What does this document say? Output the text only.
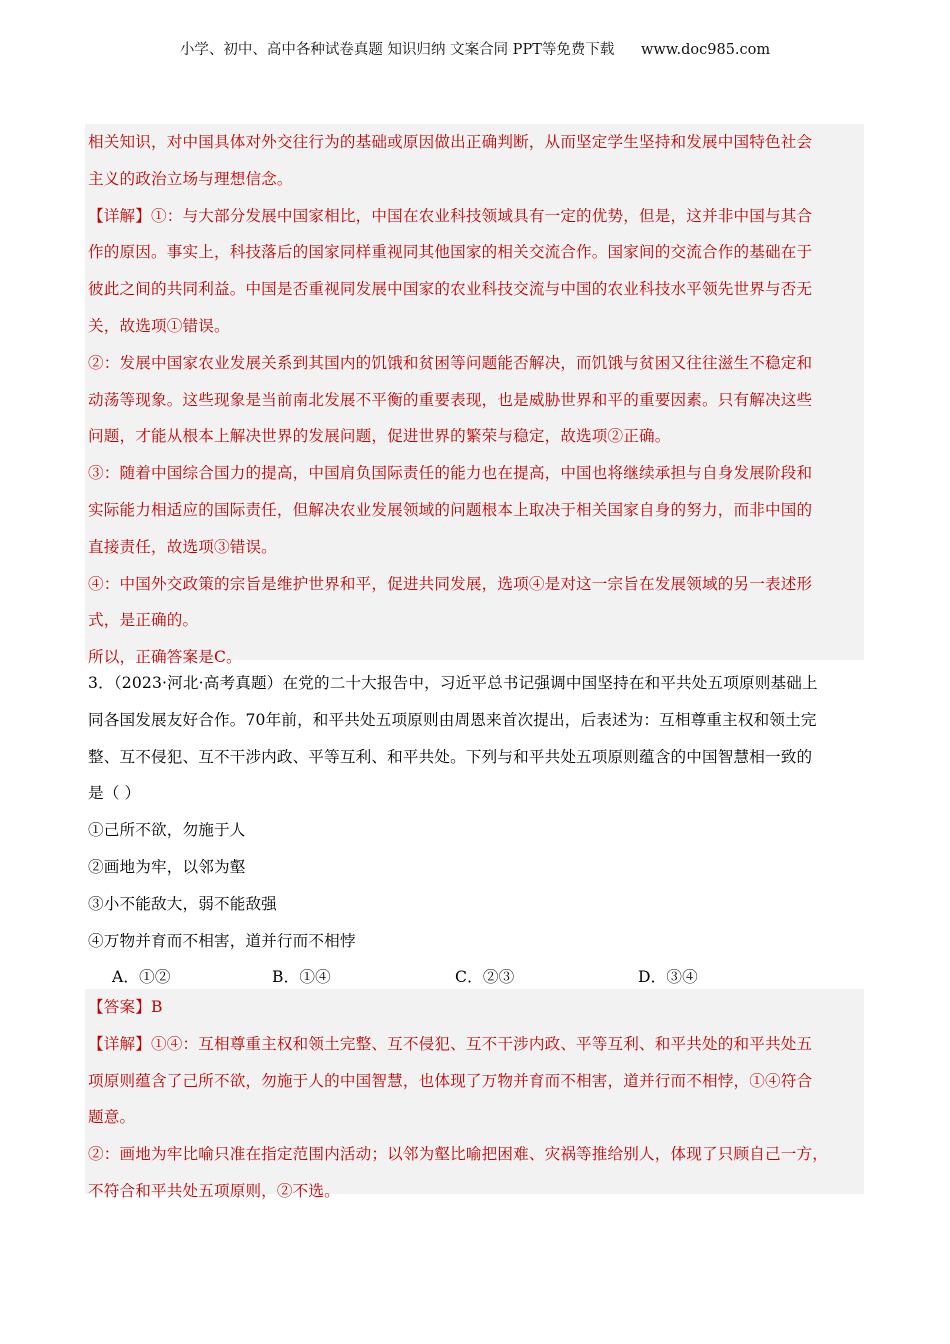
小学、初中、高中各种试卷真题 知识归纳 文案合同 PPT等免费下载 www.doc985.com

相关知识，对中国具体对外交往行为的基础或原因做出正确判断，从而坚定学生坚持和发展中国特色社会

主义的政治立场与理想信念。

【详解】①：与大部分发展中国家相比，中国在农业科技领域具有一定的优势，但是，这并非中国与其合

作的原因。事实上，科技落后的国家同样重视同其他国家的相关交流合作。国家间的交流合作的基础在于

彼此之间的共同利益。中国是否重视同发展中国家的农业科技交流与中国的农业科技水平领先世界与否无

关，故选项①错误。

②：发展中国家农业发展关系到其国内的饥饿和贫困等问题能否解决，而饥饿与贫困又往往滋生不稳定和

动荡等现象。这些现象是当前南北发展不平衡的重要表现，也是威胁世界和平的重要因素。只有解决这些

问题，才能从根本上解决世界的发展问题，促进世界的繁荣与稳定，故选项②正确。

③：随着中国综合国力的提高，中国肩负国际责任的能力也在提高，中国也将继续承担与自身发展阶段和

实际能力相适应的国际责任，但解决农业发展领域的问题根本上取决于相关国家自身的努力，而非中国的

直接责任，故选项③错误。

④：中国外交政策的宗旨是维护世界和平，促进共同发展，选项④是对这一宗旨在发展领域的另一表述形

式，是正确的。

所以，正确答案是C。

3．（2023·河北·高考真题）在党的二十大报告中，习近平总书记强调中国坚持在和平共处五项原则基础上

同各国发展友好合作。70年前，和平共处五项原则由周恩来首次提出，后表述为：互相尊重主权和领土完

整、互不侵犯、互不干涉内政、平等互利、和平共处。下列与和平共处五项原则蕴含的中国智慧相一致的

是（ ）

①己所不欲，勿施于人

②画地为牢，以邻为壑

③小不能敌大，弱不能敌强

④万物并育而不相害，道并行而不相悖

A．①②	B．①④	C．②③	D．③④

【答案】B

【详解】①④：互相尊重主权和领土完整、互不侵犯、互不干涉内政、平等互利、和平共处的和平共处五

项原则蕴含了己所不欲，勿施于人的中国智慧，也体现了万物并育而不相害，道并行而不相悖，①④符合

题意。

②：画地为牢比喻只准在指定范围内活动；以邻为壑比喻把困难、灾祸等推给别人，体现了只顾自己一方，

不符合和平共处五项原则，②不选。
